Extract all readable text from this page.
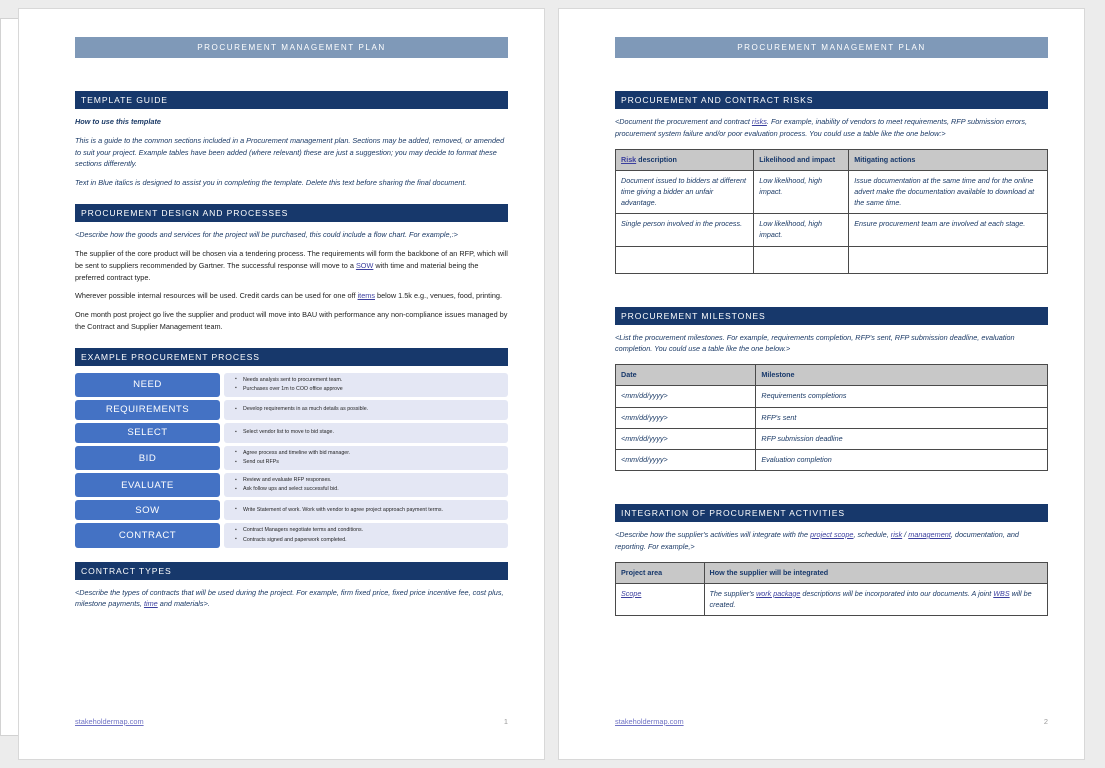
PROCUREMENT MANAGEMENT PLAN
TEMPLATE GUIDE

How to use this template

This is a guide to the common sections included in a Procurement management plan. Sections may be added, removed, or amended to suit your project. Example tables have been added (where relevant) these are just a suggestion; you may decide to format these sections differently.

Text in Blue italics is designed to assist you in completing the template. Delete this text before sharing the final document.

PROCUREMENT DESIGN AND PROCESSES

<Describe how the goods and services for the project will be purchased, this could include a flow chart. For example,:>

The supplier of the core product will be chosen via a tendering process. The requirements will form the backbone of an RFP, which will be sent to suppliers recommended by Gartner. The successful response will move to a SOW with time and material being the preferred contract type.

Wherever possible internal resources will be used. Credit cards can be used for one off items below 1.5k e.g., venues, food, printing.

One month post project go live the supplier and product will move into BAU with performance any non-compliance issues managed by the Contract and Supplier Management team.

EXAMPLE PROCUREMENT PROCESS
NEED	▪ Needs analysis sent to procurement team.
▪ Purchases over 1m to COO office approve
REQUIREMENTS	▪ Develop requirements in as much details as possible.
SELECT	▪ Select vendor list to move to bid stage.
BID	▪ Agree process and timeline with bid manager.
▪ Send out RFPs
EVALUATE	▪ Review and evaluate RFP responses.
▪ Ask follow ups and select successful bid.
SOW	▪ Write Statement of work. Work with vendor to agree project approach payment terms.
CONTRACT	▪ Contract Managers negotiate terms and conditions.
▪ Contracts signed and paperwork completed.
CONTRACT TYPES

<Describe the types of contracts that will be used during the project. For example, firm fixed price, fixed price incentive fee, cost plus, milestone payments, time and materials>.

stakeholdermap.com	1
PROCUREMENT MANAGEMENT PLAN
PROCUREMENT AND CONTRACT RISKS

<Document the procurement and contract risks. For example, inability of vendors to meet requirements, RFP submission errors, procurement system failure and/or poor evaluation process. You could use a table like the one below:>

Risk description	Likelihood and impact	Mitigating actions
Document issued to bidders at different time giving a bidder an unfair advantage.	Low likelihood, high impact.	Issue documentation at the same time and for the online advert make the documentation available to download at the same time.
Single person involved in the process.	Low likelihood, high impact.	Ensure procurement team are involved at each stage.

PROCUREMENT MILESTONES

<List the procurement milestones. For example, requirements completion, RFP's sent, RFP submission deadline, evaluation completion. You could use a table like the one below.>

Date	Milestone
<mm/dd/yyyy>	Requirements completions
<mm/dd/yyyy>	RFP's sent
<mm/dd/yyyy>	RFP submission deadline
<mm/dd/yyyy>	Evaluation completion
INTEGRATION OF PROCUREMENT ACTIVITIES

<Describe how the supplier's activities will integrate with the project scope, schedule, risk / management, documentation, and reporting. For example,>

Project area	How the supplier will be integrated
Scope	The supplier's work package descriptions will be incorporated into our documents. A joint WBS will be created.
stakeholdermap.com	2
